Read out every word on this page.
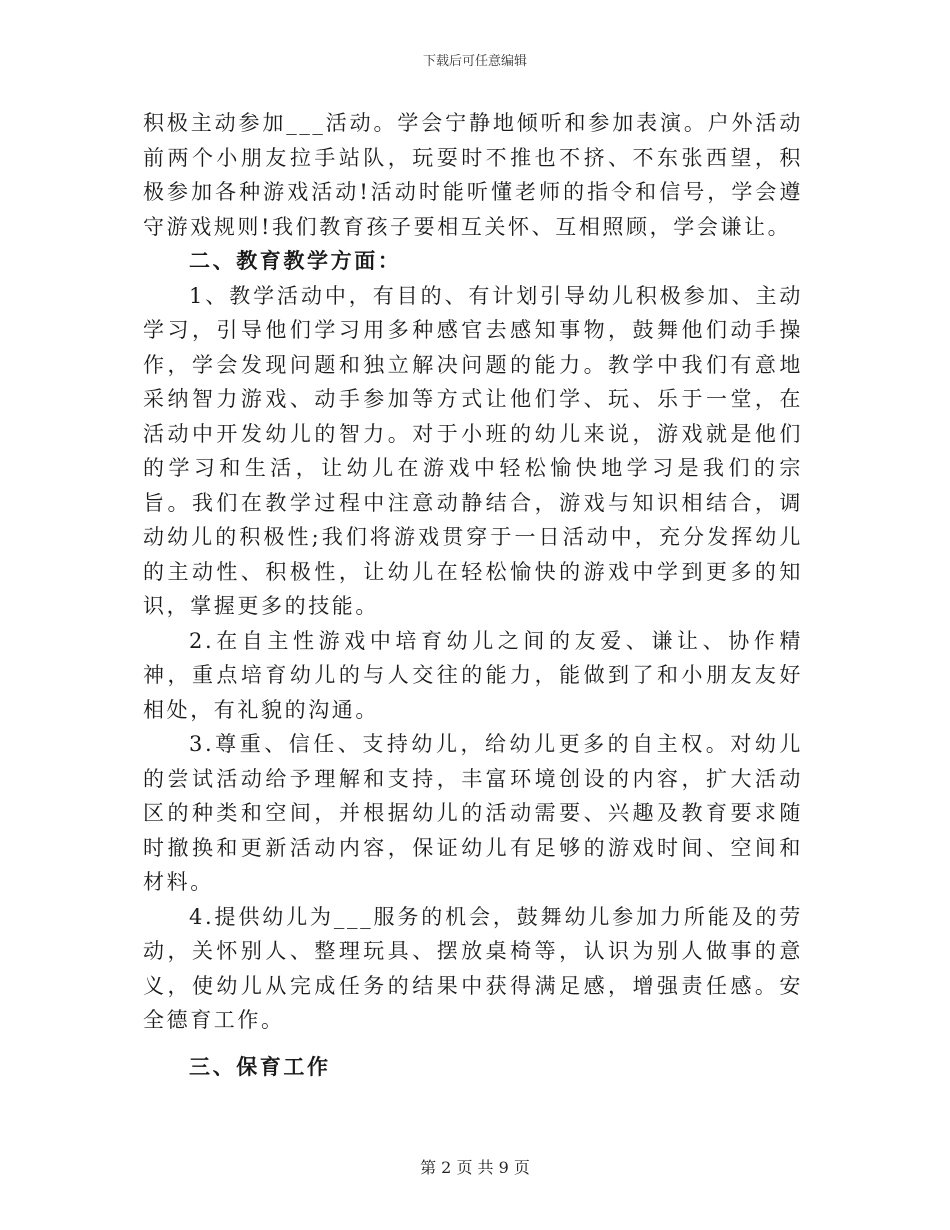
下载后可任意编辑

积极主动参加___活动。学会宁静地倾听和参加表演。户外活动前两个小朋友拉手站队，玩耍时不推也不挤、不东张西望，积极参加各种游戏活动!活动时能听懂老师的指令和信号，学会遵守游戏规则!我们教育孩子要相互关怀、互相照顾，学会谦让。

二、教育教学方面：

1、教学活动中，有目的、有计划引导幼儿积极参加、主动学习，引导他们学习用多种感官去感知事物，鼓舞他们动手操作，学会发现问题和独立解决问题的能力。教学中我们有意地采纳智力游戏、动手参加等方式让他们学、玩、乐于一堂，在活动中开发幼儿的智力。对于小班的幼儿来说，游戏就是他们的学习和生活，让幼儿在游戏中轻松愉快地学习是我们的宗旨。我们在教学过程中注意动静结合，游戏与知识相结合，调动幼儿的积极性;我们将游戏贯穿于一日活动中，充分发挥幼儿的主动性、积极性，让幼儿在轻松愉快的游戏中学到更多的知识，掌握更多的技能。

2.在自主性游戏中培育幼儿之间的友爱、谦让、协作精神，重点培育幼儿的与人交往的能力，能做到了和小朋友友好相处，有礼貌的沟通。

3.尊重、信任、支持幼儿，给幼儿更多的自主权。对幼儿的尝试活动给予理解和支持，丰富环境创设的内容，扩大活动区的种类和空间，并根据幼儿的活动需要、兴趣及教育要求随时撤换和更新活动内容，保证幼儿有足够的游戏时间、空间和材料。

4.提供幼儿为___服务的机会，鼓舞幼儿参加力所能及的劳动，关怀别人、整理玩具、摆放桌椅等，认识为别人做事的意义，使幼儿从完成任务的结果中获得满足感，增强责任感。安全德育工作。

三、保育工作
第 2 页 共 9 页
